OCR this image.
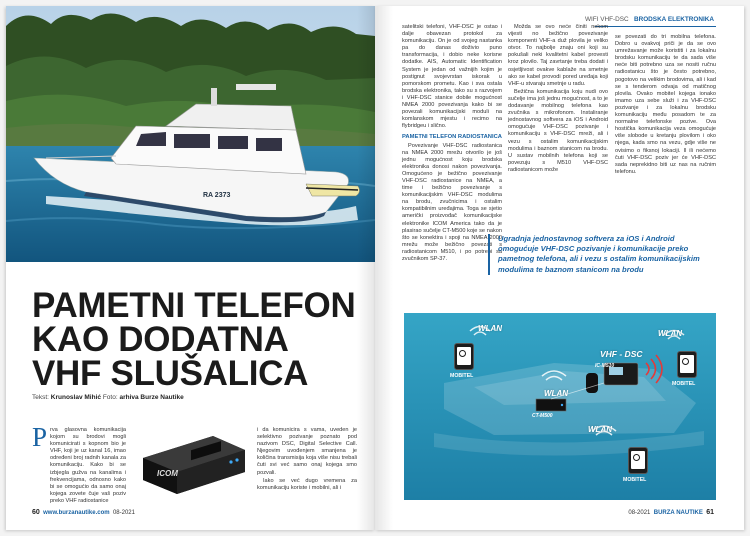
RA 2373
PAMETNI TELEFON
KAO DODATNA
VHF SLUŠALICA
Tekst: Krunoslav Mihić Foto: arhiva Burze Nautike
P rva glasovna komunikacija kojom su brodovi mogli komunicirati s kopnom bio je VHF, koji je uz kanal 16, imao određeni broj radnih kanala za komunikaciju. Kako bi se izbjegla gužva na kanalima i frekvencijama, odnosno kako bi se omogućio da samo onaj kojega zovete čuje vaš poziv preko VHF radiostanice

ICOM

i da komunicira s vama, uveden je selektivno pozivanje poznato pod nazivom DSC, Digital Selective Call. Njegovim uvođenjem smanjena je količina transmisija koja više nisu trebali čuti svi već samo onaj kojega smo pozvali.

Iako se već dugo vremena za komunikaciju koriste i mobilni, ali i

60 www.burzanautike.com 08-2021
WIFI VHF-DSC BRODSKA ELEKTRONIKA

satelitski telefoni, VHF-DSC je ostao i dalje obavezan protokol za komunikaciju. On je od svojeg nastanka pa do danas doživio puno transformacija, i dobio neke korisne dodatke. AIS, Automatic Identification System je jedan od važnijih kojim je postignut svojevrstan iskorak u pomorskom prometu. Kao i sva ostala brodska elektronika, tako su s razvojem i VHF-DSC stanice dobile mogućnost NMEA 2000 povezivanja kako bi se povezali komunikacijski moduli na komlanskom mjestu i recimo na flybridgeu i slično.

PAMETNI TELEFON RADIOSTANICA

Povezivanje VHF-DSC radiostanica na NMEA 2000 mrežu otvorilo je još jednu mogućnost koju brodska elektronika donosi nakon povezivanja. Omogućeno je bežično povezivanje VHF-DSC radiostanice na NMEA, a time i bežično povezivanje s komunikacijskim VHF-DSC modulima na brodu, zvučnicima i ostalim kompatibilnim uređajima. Toga se sjetio američki proizvođač komunikacijske elektronike ICOM America tako da je plasirao sučelje CT-M500 koje se nakon što se konektira i spoji na NMEA 2000 mrežu može bežično povezati s radiostanicom M510, i po potrebi sa zvučnikom SP-37.

Možda se ovo neće činiti nekom vijesti no bežično povezivanje komponenti VHF-a duž plovila je veliko otvor. To najbolje znaju oni koji su pokušali neki kvalitetni kabel provesti kroz plovilo. Taj zavrtanje treba dodati i osjetljivost ovakve kablaže na smetnje ako se kabel provodi pored uređaja koji VHF-u stvaraju smetnje u radu.

Bežična komunikacija koju nudi ovo sučelje ima još jednu mogućnost, a to je dodavanje mobilnog telefona kao zvučnika s mikrofonom. Instaliranje jednostavnog softvera za iOS i Android omogućuje VHF-DSC pozivanje i komunikaciju s VHF-DSC mreži, ali i vezu s ostalim komunikacijskim modulima i baznom stanicom na brodu. U sustav mobilnih telefona koji se povezuju s M510 VHF-DSC radiostanicom može

se povezati do tri mobilna telefona. Dobro u ovakvoj priči je da se ovo umrežavanje može koristiti i za lokalnu brodsku komunikaciju te da sada više neće biti potrebno uza se nositi ručnu radiostanicu što je često potrebno, pogotovo na velikim brodovima, ali i kad se s tenderom odvaja od matičnog plovila. Ovako mobitel kojega ionako imamo uza sebe služi i za VHF-DSC pozivanje i za lokalnu brodsku komunikaciju među posadom te za normalne telefonske pozive. Ova hostička komunikacija veza omogućuje više slobode u kretanju plovilom i oko njega, kada smo na vezu, gdje više ne ovisimo o fiksnoj lokaciji. Il ili nećemo čuti VHF-DSC poziv jer će VHF-DSC sada neprekidno biti uz nas na ručnim telefonu.

Ugradnja jednostavnog softvera za iOS i Android omogućuje VHF-DSC pozivanje i komunikacije preko pametnog telefona, ali i vezu s ostalim komunikacijskim modulima te baznom stanicom na brodu
WLAN
WLAN
WLAN
WLAN
VHF - DSC
IC-M510
CT-M500
MOBITEL
MOBITEL
MOBITEL
08-2021 BURZA NAUTIKE 61
